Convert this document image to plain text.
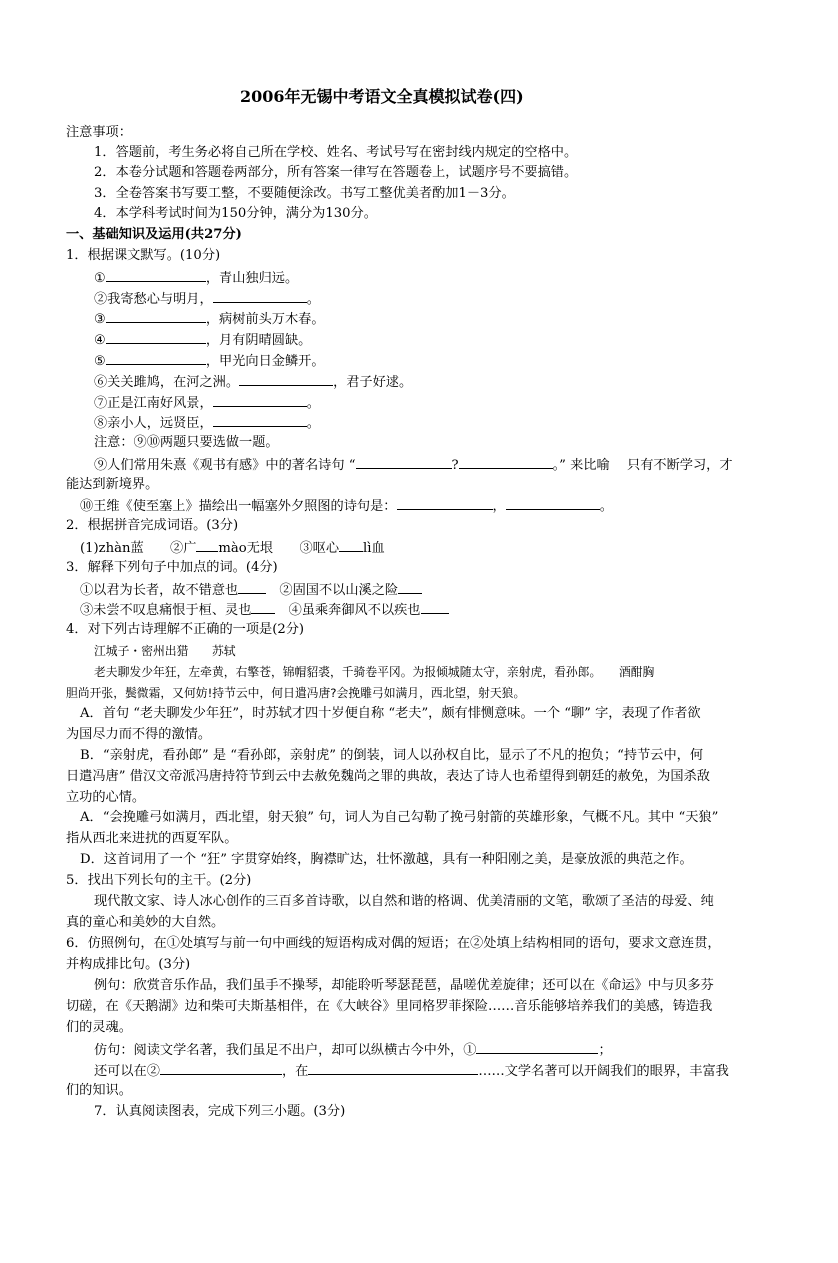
2006年无锡中考语文全真模拟试卷(四)
注意事项：
1．答题前，考生务必将自己所在学校、姓名、考试号写在密封线内规定的空格中。
2．本卷分试题和答题卷两部分，所有答案一律写在答题卷上，试题序号不要搞错。
3．全卷答案书写要工整，不要随便涂改。书写工整优美者酌加1－3分。
4．本学科考试时间为150分钟，满分为130分。
一、基础知识及运用(共27分)
1．根据课文默写。(10分)
①	，青山独归远。
②我寄愁心与明月，	。
③	，病树前头万木春。
④	，月有阴晴圆缺。
⑤	，甲光向日金鳞开。
⑥关关雎鸠，在河之洲。	，君子好逑。
⑦正是江南好风景，	。
⑧亲小人，远贤臣，	。
注意：⑨⑩两题只要选做一题。
⑨人们常用朱熹《观书有感》中的著名诗句 “	?	。” 来比喻　 只有不断学习，才
能达到新境界。
⑩王维《使至塞上》描绘出一幅塞外夕照图的诗句是：	，	。
2．根据拼音完成词语。(3分)
(1)zhàn蓝　　②广 mào无垠　　③呕心 lì血
3．解释下列句子中加点的词。(4分)
①以君为长者，故不错意也　②固国不以山溪之险
③未尝不叹息痛恨于桓、灵也　④虽乘奔御风不以疾也
4．对下列古诗理解不正确的一项是(2分)
江城子・密州出猎　　苏轼
老夫聊发少年狂，左牵黄，右擎苍，锦帽貂裘，千骑卷平冈。为报倾城随太守，亲射虎，看孙郎。　　酒酣胸
胆尚开张，鬓微霜，又何妨!持节云中，何日遣冯唐?会挽雕弓如满月，西北望，射天狼。
A．首句 “老夫聊发少年狂”，时苏轼才四十岁便自称 “老夫”，颇有悱恻意味。一个 “聊” 字，表现了作者欲
为国尽力而不得的激情。
B．“亲射虎，看孙郎” 是 “看孙郎，亲射虎” 的倒装，词人以孙权自比，显示了不凡的抱负；“持节云中，何
日遣冯唐” 借汉文帝派冯唐持符节到云中去赦免魏尚之罪的典故，表达了诗人也希望得到朝廷的赦免，为国杀敌
立功的心情。
A．“会挽雕弓如满月，西北望，射天狼” 句，词人为自己勾勒了挽弓射箭的英雄形象，气概不凡。其中 “天狼”
指从西北来进扰的西夏军队。
D．这首词用了一个 “狂” 字贯穿始终，胸襟旷达，壮怀激越，具有一种阳刚之美，是豪放派的典范之作。
5．找出下列长句的主干。(2分)
现代散文家、诗人冰心创作的三百多首诗歌，以自然和谐的格调、优美清丽的文笔，歌颂了圣洁的母爱、纯
真的童心和美妙的大自然。
6．仿照例句，在①处填写与前一句中画线的短语构成对偶的短语；在②处填上结构相同的语句，要求文意连贯，
并构成排比句。(3分)
例句：欣赏音乐作品，我们虽手不操琴，却能聆听琴瑟琵琶，晶嗟优差旋律；还可以在《命运》中与贝多芬
切磋，在《天鹅湖》边和柴可夫斯基相伴，在《大峡谷》里同格罗菲探险……音乐能够培养我们的美感，铸造我
们的灵魂。
仿句：阅读文学名著，我们虽足不出户，却可以纵横古今中外，①	；
还可以在②	，在	……文学名著可以开阔我们的眼界，丰富我
们的知识。
7．认真阅读图表，完成下列三小题。(3分)
